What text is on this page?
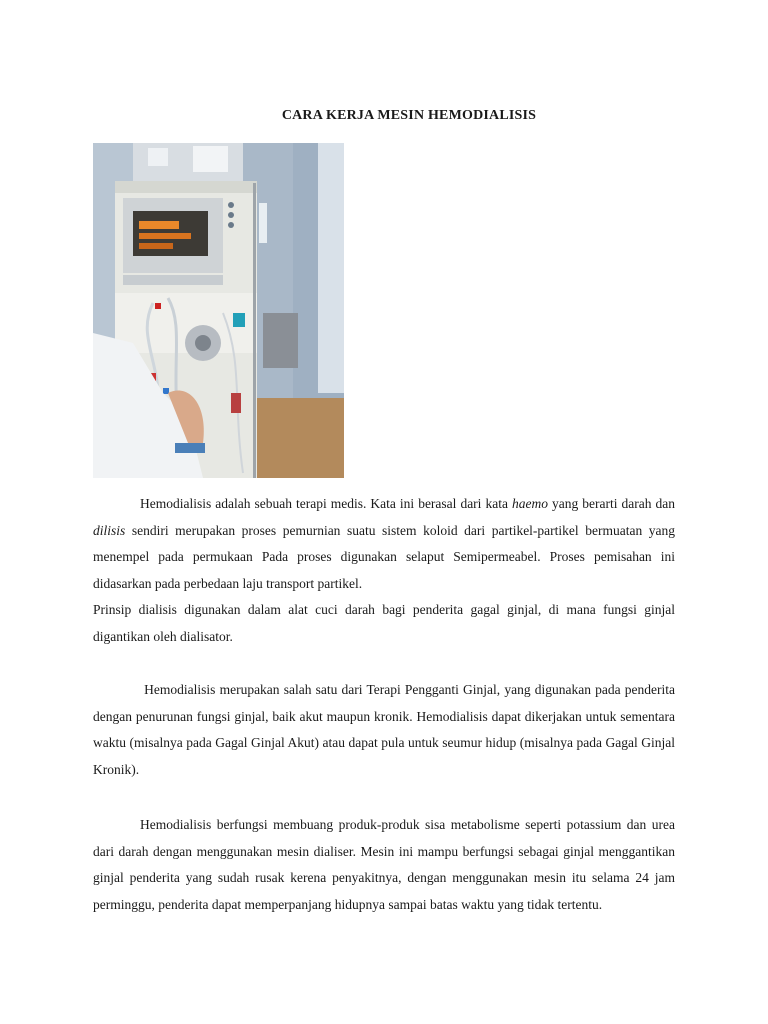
CARA KERJA MESIN HEMODIALISIS

Hemodialisis adalah sebuah terapi medis. Kata ini berasal dari kata haemo yang berarti darah dan dilisis sendiri merupakan proses pemurnian suatu sistem koloid dari partikel-partikel bermuatan yang menempel pada permukaan Pada proses digunakan selaput Semipermeabel. Proses pemisahan ini didasarkan pada perbedaan laju transport partikel.

Prinsip dialisis digunakan dalam alat cuci darah bagi penderita gagal ginjal, di mana fungsi ginjal digantikan oleh dialisator.

Hemodialisis merupakan salah satu dari Terapi Pengganti Ginjal, yang digunakan pada penderita dengan penurunan fungsi ginjal, baik akut maupun kronik. Hemodialisis dapat dikerjakan untuk sementara waktu (misalnya pada Gagal Ginjal Akut) atau dapat pula untuk seumur hidup (misalnya pada Gagal Ginjal Kronik).

Hemodialisis berfungsi membuang produk-produk sisa metabolisme seperti potassium dan urea dari darah dengan menggunakan mesin dialiser. Mesin ini mampu berfungsi sebagai ginjal menggantikan ginjal penderita yang sudah rusak kerena penyakitnya, dengan menggunakan mesin itu selama 24 jam perminggu, penderita dapat memperpanjang hidupnya sampai batas waktu yang tidak tertentu.
